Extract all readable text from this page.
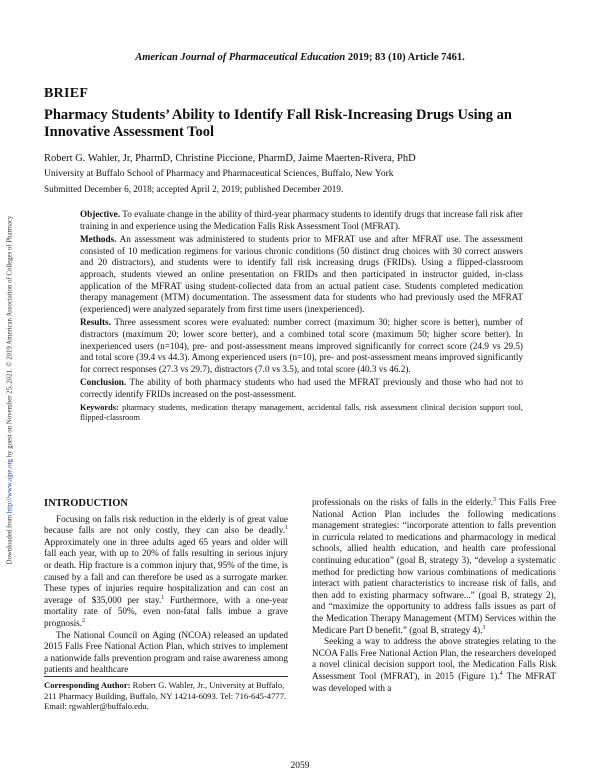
American Journal of Pharmaceutical Education 2019; 83 (10) Article 7461.
BRIEF
Pharmacy Students’ Ability to Identify Fall Risk-Increasing Drugs Using an Innovative Assessment Tool
Robert G. Wahler, Jr, PharmD, Christine Piccione, PharmD, Jaime Maerten-Rivera, PhD
University at Buffalo School of Pharmacy and Pharmaceutical Sciences, Buffalo, New York
Submitted December 6, 2018; accepted April 2, 2019; published December 2019.

Objective. To evaluate change in the ability of third-year pharmacy students to identify drugs that increase fall risk after training in and experience using the Medication Falls Risk Assessment Tool (MFRAT).

Methods. An assessment was administered to students prior to MFRAT use and after MFRAT use. The assessment consisted of 10 medication regimens for various chronic conditions (50 distinct drug choices with 30 correct answers and 20 distractors), and students were to identify fall risk increasing drugs (FRIDs). Using a flipped-classroom approach, students viewed an online presentation on FRIDs and then participated in instructor guided, in-class application of the MFRAT using student-collected data from an actual patient case. Students completed medication therapy management (MTM) documentation. The assessment data for students who had previously used the MFRAT (experienced) were analyzed separately from first time users (inexperienced).

Results. Three assessment scores were evaluated: number correct (maximum 30; higher score is better), number of distractors (maximum 20; lower score better), and a combined total score (maximum 50; higher score better). In inexperienced users (n=104), pre- and post-assessment means improved significantly for correct score (24.9 vs 29.5) and total score (39.4 vs 44.3). Among experienced users (n=10), pre- and post-assessment means improved significantly for correct responses (27.3 vs 29.7), distractors (7.0 vs 3.5), and total score (40.3 vs 46.2).

Conclusion. The ability of both pharmacy students who had used the MFRAT previously and those who had not to correctly identify FRIDs increased on the post-assessment.

Keywords: pharmacy students, medication therapy management, accidental falls, risk assessment clinical decision support tool, flipped-classroom

INTRODUCTION

Focusing on falls risk reduction in the elderly is of great value because falls are not only costly, they can also be deadly.$^1$ Approximately one in three adults aged 65 years and older will fall each year, with up to 20% of falls resulting in serious injury or death. Hip fracture is a common injury that, 95% of the time, is caused by a fall and can therefore be used as a surrogate marker. These types of injuries require hospitalization and can cost an average of $35,000 per stay.$^1$ Furthermore, with a one-year mortality rate of 50%, even non-fatal falls imbue a grave prognosis.$^2$

The National Council on Aging (NCOA) released an updated 2015 Falls Free National Action Plan, which strives to implement a nationwide falls prevention program and raise awareness among patients and healthcare

professionals on the risks of falls in the elderly.$^3$ This Falls Free National Action Plan includes the following medications management strategies: “incorporate attention to falls prevention in curricula related to medications and pharmacology in medical schools, allied health education, and health care professional continuing education” (goal B, strategy 3), “develop a systematic method for predicting how various combinations of medications interact with patient characteristics to increase risk of falls, and then add to existing pharmacy software...” (goal B, strategy 2), and “maximize the opportunity to address falls issues as part of the Medication Therapy Management (MTM) Services within the Medicare Part D benefit.” (goal B, strategy 4).$^3$

Seeking a way to address the above strategies relating to the NCOA Falls Free National Action Plan, the researchers developed a novel clinical decision support tool, the Medication Falls Risk Assessment Tool (MFRAT), in 2015 (Figure 1).$^4$ The MFRAT was developed with a

Corresponding Author: Robert G. Wahler, Jr., University at Buffalo, 211 Pharmacy Building, Buffalo, NY 14214-6093. Tel: 716-645-4777. Email: rgwahler@buffalo.edu.
2059
Downloaded from http://www.ajpe.org by guest on November 25, 2021. © 2019 American Association of Colleges of Pharmacy
